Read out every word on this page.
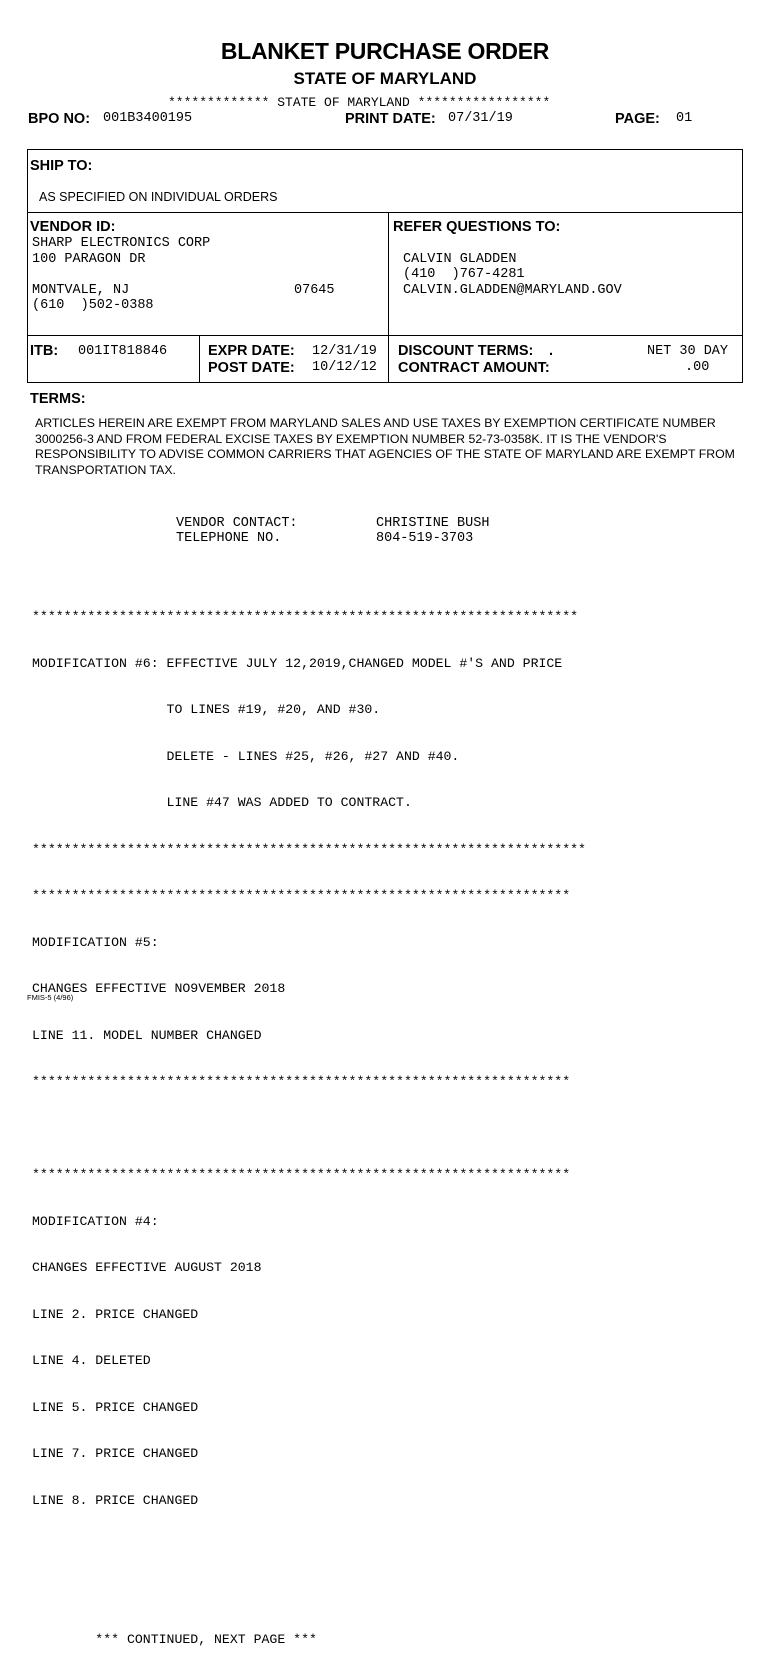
BLANKET PURCHASE ORDER
STATE OF MARYLAND
************* STATE OF MARYLAND *****************
BPO NO: 001B3400195	PRINT DATE: 07/31/19	PAGE: 01
SHIP TO:
AS SPECIFIED ON INDIVIDUAL ORDERS
VENDOR ID:
SHARP ELECTRONICS CORP
100 PARAGON DR
MONTVALE, NJ	07645
(610  )502-0388
REFER QUESTIONS TO:
CALVIN GLADDEN
(410  )767-4281
CALVIN.GLADDEN@MARYLAND.GOV
ITB: 001IT818846	EXPR DATE: 12/31/19
POST DATE: 10/12/12
DISCOUNT TERMS: .	NET 30 DAY
CONTRACT AMOUNT:	.00
TERMS:
ARTICLES HEREIN ARE EXEMPT FROM MARYLAND SALES AND USE TAXES BY EXEMPTION CERTIFICATE NUMBER 3000256-3 AND FROM FEDERAL EXCISE TAXES BY EXEMPTION NUMBER 52-73-0358K. IT IS THE VENDOR'S RESPONSIBILITY TO ADVISE COMMON CARRIERS THAT AGENCIES OF THE STATE OF MARYLAND ARE EXEMPT FROM TRANSPORTATION TAX.
VENDOR CONTACT:	CHRISTINE BUSH
TELEPHONE NO.	804-519-3703

*********************************************************************

MODIFICATION #6: EFFECTIVE JULY 12,2019,CHANGED MODEL #'S AND PRICE

TO LINES #19, #20, AND #30.

DELETE - LINES #25, #26, #27 AND #40.

LINE #47 WAS ADDED TO CONTRACT.

**********************************************************************

********************************************************************

MODIFICATION #5:

CHANGES EFFECTIVE NO9VEMBER 2018

LINE 11. MODEL NUMBER CHANGED

********************************************************************

********************************************************************

MODIFICATION #4:

CHANGES EFFECTIVE AUGUST 2018

LINE 2. PRICE CHANGED

LINE 4. DELETED

LINE 5. PRICE CHANGED

LINE 7. PRICE CHANGED

LINE 8. PRICE CHANGED

*** CONTINUED, NEXT PAGE ***

FMIS-5 (4/96)
